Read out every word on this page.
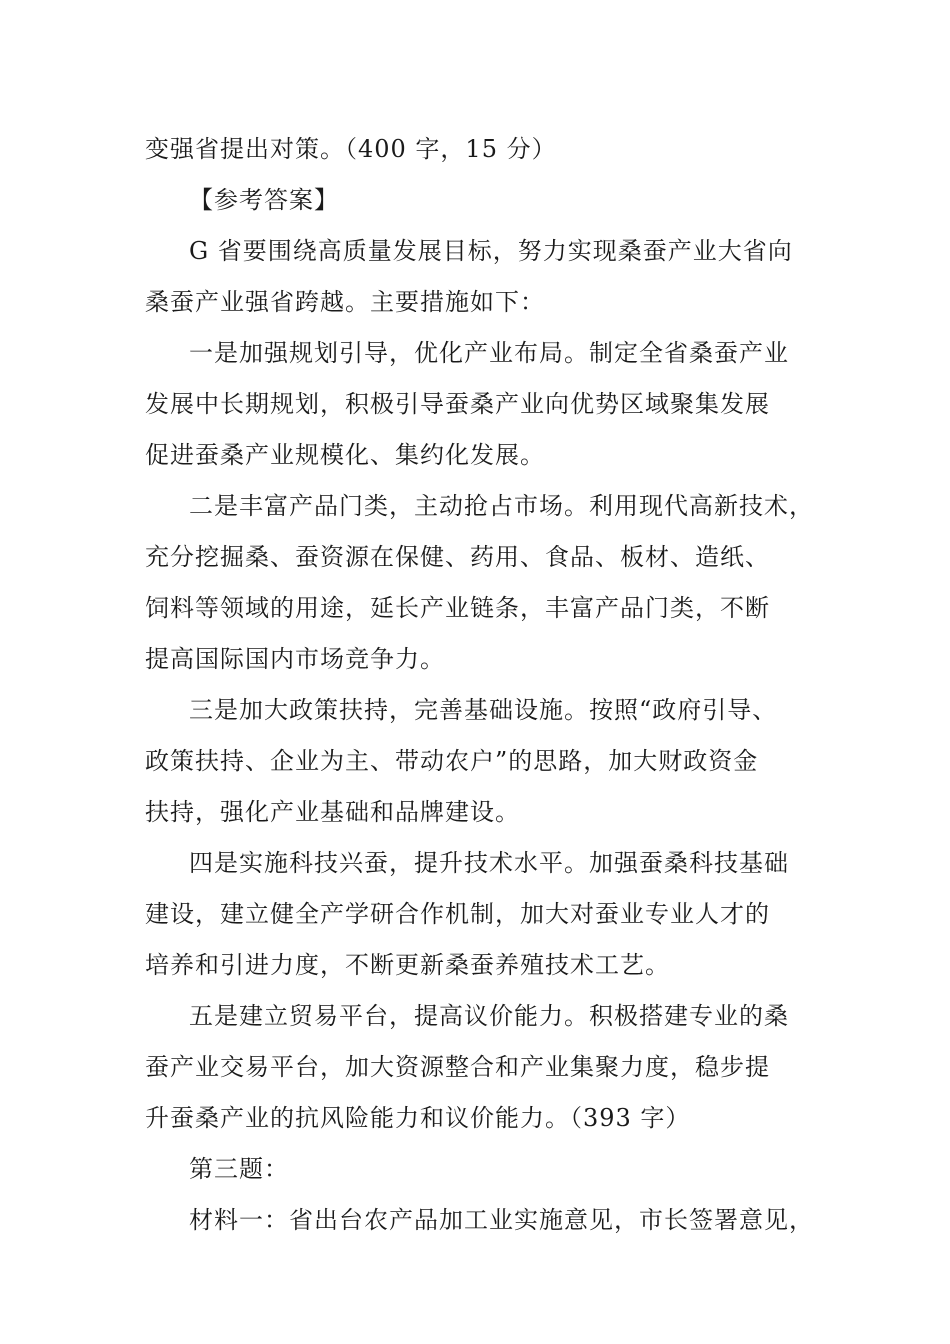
变强省提出对策。（400 字，15 分）
【参考答案】
G 省要围绕高质量发展目标，努力实现桑蚕产业大省向
桑蚕产业强省跨越。主要措施如下：
一是加强规划引导，优化产业布局。制定全省桑蚕产业
发展中长期规划，积极引导蚕桑产业向优势区域聚集发展
促进蚕桑产业规模化、集约化发展。
二是丰富产品门类，主动抢占市场。利用现代高新技术，
充分挖掘桑、蚕资源在保健、药用、食品、板材、造纸、
饲料等领域的用途，延长产业链条，丰富产品门类，不断
提高国际国内市场竞争力。
三是加大政策扶持，完善基础设施。按照“政府引导、
政策扶持、企业为主、带动农户”的思路，加大财政资金
扶持，强化产业基础和品牌建设。
四是实施科技兴蚕，提升技术水平。加强蚕桑科技基础
建设，建立健全产学研合作机制，加大对蚕业专业人才的
培养和引进力度，不断更新桑蚕养殖技术工艺。
五是建立贸易平台，提高议价能力。积极搭建专业的桑
蚕产业交易平台，加大资源整合和产业集聚力度，稳步提
升蚕桑产业的抗风险能力和议价能力。（393 字）
第三题：
材料一：省出台农产品加工业实施意见，市长签署意见，
